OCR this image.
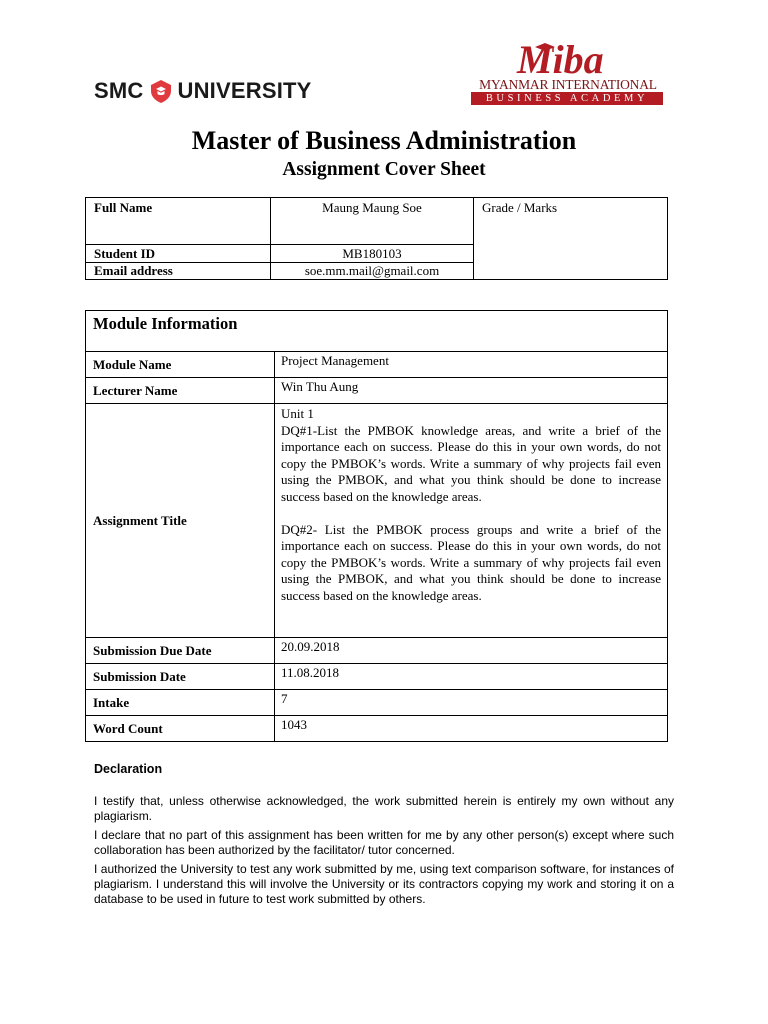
SMC UNIVERSITY
Miba
MYANMAR INTERNATIONAL
BUSINESS ACADEMY
Master of Business Administration
Assignment Cover Sheet
Full Name	Maung Maung Soe	Grade / Marks
Student ID	MB180103	
Email address	soe.mm.mail@gmail.com	
Module Information	
Module Name	Project Management
Lecturer Name	Win Thu Aung
Assignment Title	Unit 1
DQ#1-List the PMBOK knowledge areas, and write a brief of the importance each on success. Please do this in your own words, do not copy the PMBOK’s words. Write a summary of why projects fail even using the PMBOK, and what you think should be done to increase success based on the knowledge areas.
DQ#2- List the PMBOK process groups and write a brief of the importance each on success. Please do this in your own words, do not copy the PMBOK’s words. Write a summary of why projects fail even using the PMBOK, and what you think should be done to increase success based on the knowledge areas.

Submission Due Date	20.09.2018
Submission Date	11.08.2018
Intake	7
Word Count	1043
Declaration
I testify that, unless otherwise acknowledged, the work submitted herein is entirely my own without any plagiarism.
I declare that no part of this assignment has been written for me by any other person(s) except where such collaboration has been authorized by the facilitator/ tutor concerned.
I authorized the University to test any work submitted by me, using text comparison software, for instances of plagiarism. I understand this will involve the University or its contractors copying my work and storing it on a database to be used in future to test work submitted by others.
